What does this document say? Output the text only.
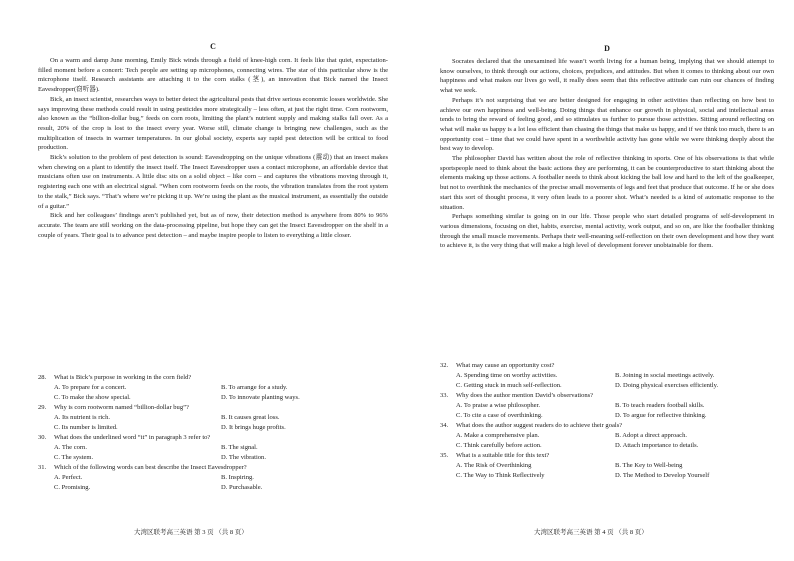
C

On a warm and damp June morning, Emily Bick winds through a field of knee-high corn. It feels like that quiet, expectation-filled moment before a concert: Tech people are setting up microphones, connecting wires. The star of this particular show is the microphone itself. Research assistants are attaching it to the corn stalks (茎), an innovation that Bick named the Insect Eavesdropper(窃听器).

Bick, an insect scientist, researches ways to better detect the agricultural pests that drive serious economic losses worldwide. She says improving these methods could result in using pesticides more strategically – less often, at just the right time. Corn rootworm, also known as the “billion-dollar bug,” feeds on corn roots, limiting the plant’s nutrient supply and making stalks fall over. As a result, 20% of the crop is lost to the insect every year. Worse still, climate change is bringing new challenges, such as the multiplication of insects in warmer temperatures. In our global society, experts say rapid pest detection will be critical to food production.

Bick’s solution to the problem of pest detection is sound: Eavesdropping on the unique vibrations (震动) that an insect makes when chewing on a plant to identify the insect itself. The Insect Eavesdropper uses a contact microphone, an affordable device that musicians often use on instruments. A little disc sits on a solid object – like corn – and captures the vibrations moving through it, registering each one with an electrical signal. “When corn rootworm feeds on the roots, the vibration translates from the root system to the stalk,” Bick says. “That’s where we’re picking it up. We’re using the plant as the musical instrument, as essentially the outside of a guitar.”

Bick and her colleagues’ findings aren’t published yet, but as of now, their detection method is anywhere from 80% to 96% accurate. The team are still working on the data-processing pipeline, but hope they can get the Insect Eavesdropper on the shelf in a couple of years. Their goal is to advance pest detection – and maybe inspire people to listen to everything a little closer.

28. What is Bick’s purpose in working in the corn field?
A. To prepare for a concert.	B. To arrange for a study.
C. To make the show special.	D. To innovate planting ways.
29. Why is corn rootworm named “billion-dollar bug”?
A. Its nutrient is rich.	B. It causes great loss.
C. Its number is limited.	D. It brings huge profits.
30. What does the underlined word “it” in paragraph 3 refer to?
A. The corn.	B. The signal.
C. The system.	D. The vibration.
31. Which of the following words can best describe the Insect Eavesdropper?
A. Perfect.	B. Inspiring.
C. Promising.	D. Purchasable.
大湾区联考高三英语 第 3 页 （共 8 页）
D

Socrates declared that the unexamined life wasn’t worth living for a human being, implying that we should attempt to know ourselves, to think through our actions, choices, prejudices, and attitudes. But when it comes to thinking about our own happiness and what makes our lives go well, it really does seem that this reflective attitude can ruin our chances of finding what we seek.

Perhaps it’s not surprising that we are better designed for engaging in other activities than reflecting on how best to achieve our own happiness and well-being. Doing things that enhance our growth in physical, social and intellectual areas tends to bring the reward of feeling good, and so stimulates us further to pursue those activities. Sitting around reflecting on what will make us happy is a lot less efficient than chasing the things that make us happy, and if we think too much, there is an opportunity cost – time that we could have spent in a worthwhile activity has gone while we were thinking deeply about the best way to develop.

The philosopher David has written about the role of reflective thinking in sports. One of his observations is that while sportspeople need to think about the basic actions they are performing, it can be counterproductive to start thinking about the elements making up those actions. A footballer needs to think about kicking the ball low and hard to the left of the goalkeeper, but not to overthink the mechanics of the precise small movements of legs and feet that produce that outcome. If he or she does start this sort of thought process, it very often leads to a poorer shot. What’s needed is a kind of automatic response to the situation.

Perhaps something similar is going on in our life. Those people who start detailed programs of self-development in various dimensions, focusing on diet, habits, exercise, mental activity, work output, and so on, are like the footballer thinking through the small muscle movements. Perhaps their well-meaning self-reflection on their own development and how they want to achieve it, is the very thing that will make a high level of development forever unobtainable for them.

32. What may cause an opportunity cost?
A. Spending time on worthy activities.	B. Joining in social meetings actively.
C. Getting stuck in much self-reflection.	D. Doing physical exercises efficiently.
33. Why does the author mention David’s observations?
A. To praise a wise philosopher.	B. To teach readers football skills.
C. To cite a case of overthinking.	D. To argue for reflective thinking.
34. What does the author suggest readers do to achieve their goals?
A. Make a comprehensive plan.	B. Adopt a direct approach.
C. Think carefully before action.	D. Attach importance to details.
35. What is a suitable title for this text?
A. The Risk of Overthinking	B. The Key to Well-being
C. The Way to Think Reflectively	D. The Method to Develop Yourself
大湾区联考高三英语 第 4 页 （共 8 页）
